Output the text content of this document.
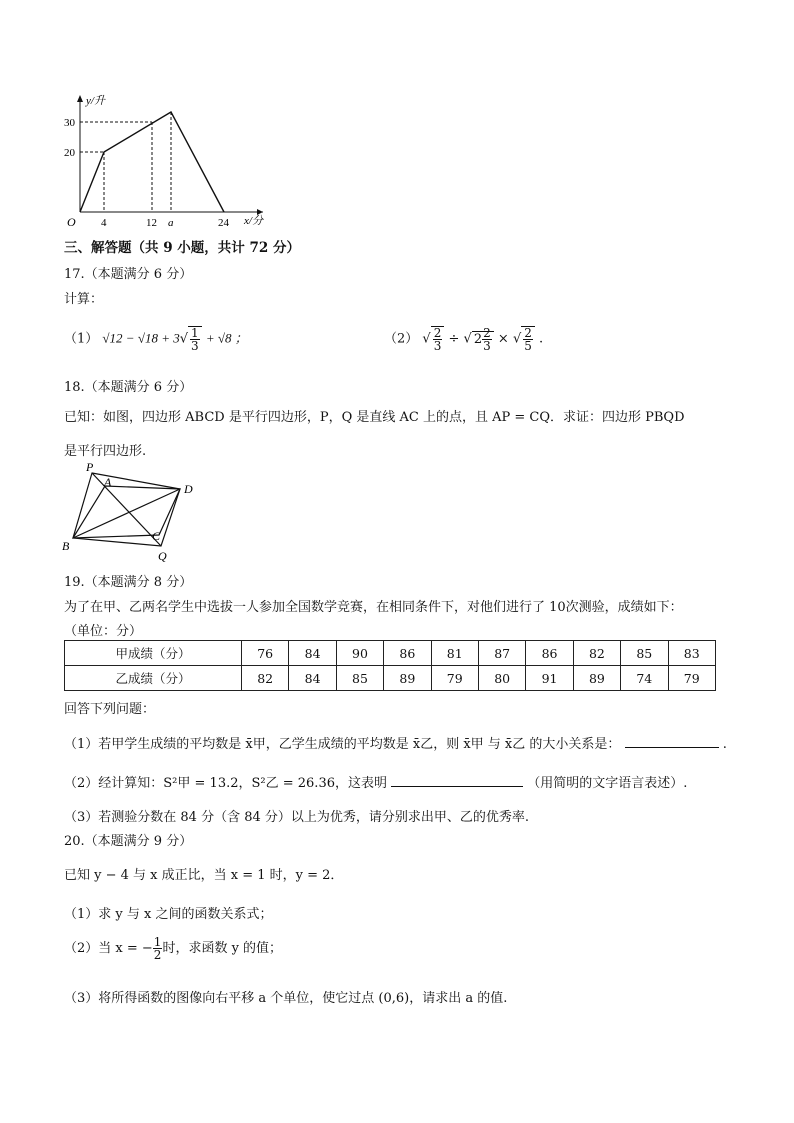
y/升
x/分
30
20
O 4	12 a	24
三、解答题（共 9 小题，共计 72 分）
17.（本题满分 6 分）
计算：
（1） $√12 - √18 + 3√ \frac{1}{3} + √8$ ；	（2） √ $\frac{2}{3}$ ÷ √ $2 \frac{2}{3}$ × √ $\frac{2}{5}$ .
18.（本题满分 6 分）
已知：如图，四边形 ABCD 是平行四边形，P，Q 是直线 AC 上的点，且 AP = CQ．求证：四边形 PBQD
是平行四边形.
P
A	D
B
C
Q
19.（本题满分 8 分）
为了在甲、乙两名学生中选拔一人参加全国数学竞赛，在相同条件下，对他们进行了 10次测验，成绩如下：
（单位：分）
甲成绩（分）	76	84	90	86	81	87	86	82	85	83
乙成绩（分）	82	84	85	89	79	80	91	89	74	79
回答下列问题：
（1）若甲学生成绩的平均数是 x̄甲，乙学生成绩的平均数是 x̄乙，则 x̄甲 与 x̄乙 的大小关系是：	.
（2）经计算知：S²甲 = 13.2，S²乙 = 26.36，这表明	（用简明的文字语言表述）.
（3）若测验分数在 84 分（含 84 分）以上为优秀，请分别求出甲、乙的优秀率.
20.（本题满分 9 分）
已知 y − 4 与 x 成正比，当 x = 1 时，y = 2．
（1）求 y 与 x 之间的函数关系式；
（2）当 x = − $\frac{1}{2}$ 时，求函数 y 的值；
（3）将所得函数的图像向右平移 a 个单位，使它过点 (0,6)，请求出 a 的值.
